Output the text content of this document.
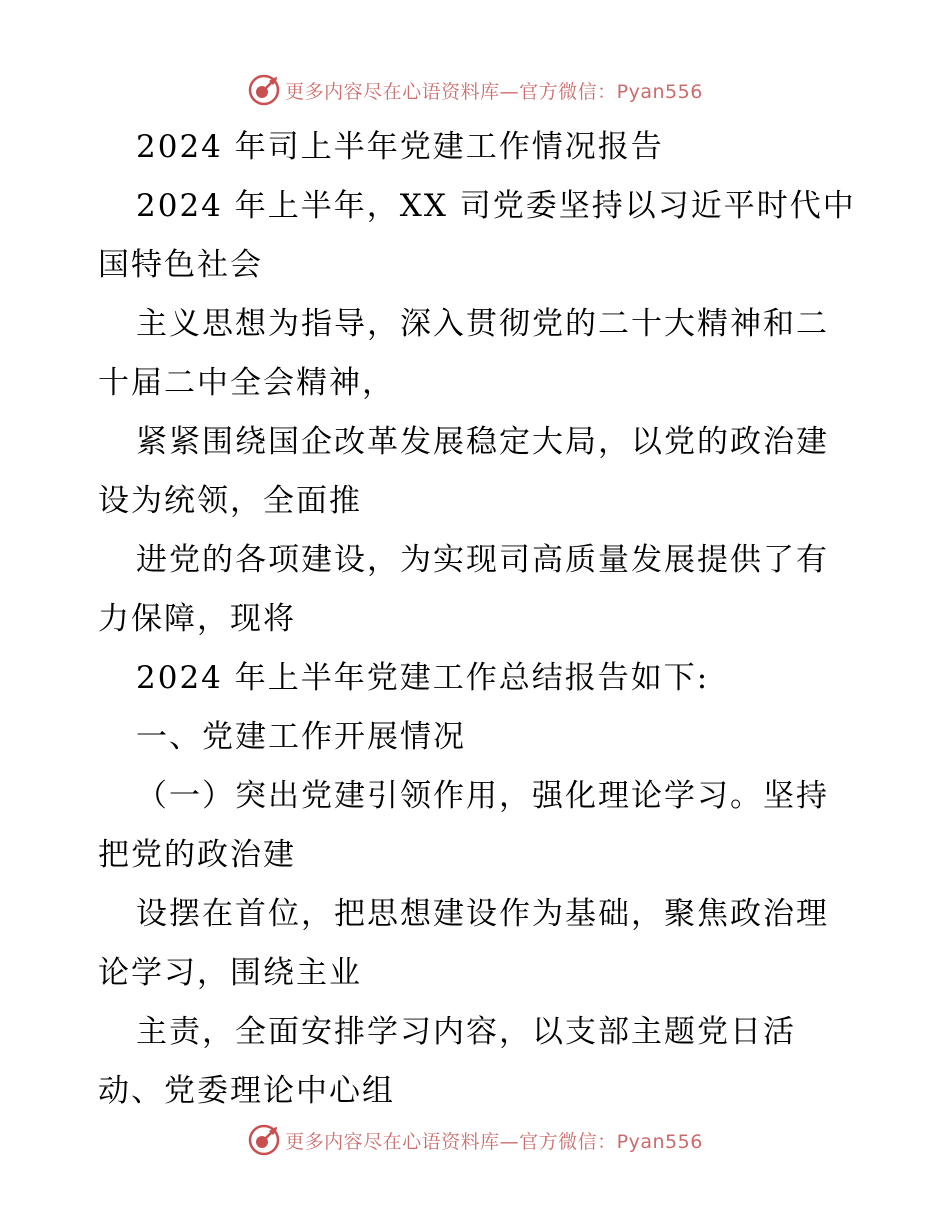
更多内容尽在心语资料库—官方微信：Pyan556
2024 年司上半年党建工作情况报告
2024 年上半年，XX 司党委坚持以习近平时代中
国特色社会
主义思想为指导，深入贯彻党的二十大精神和二
十届二中全会精神，
紧紧围绕国企改革发展稳定大局，以党的政治建
设为统领，全面推
进党的各项建设，为实现司高质量发展提供了有
力保障，现将
2024 年上半年党建工作总结报告如下:
一、党建工作开展情况
（一）突出党建引领作用，强化理论学习。坚持
把党的政治建
设摆在首位，把思想建设作为基础，聚焦政治理
论学习，围绕主业
主责，全面安排学习内容，以支部主题党日活
动、党委理论中心组
更多内容尽在心语资料库—官方微信：Pyan556
